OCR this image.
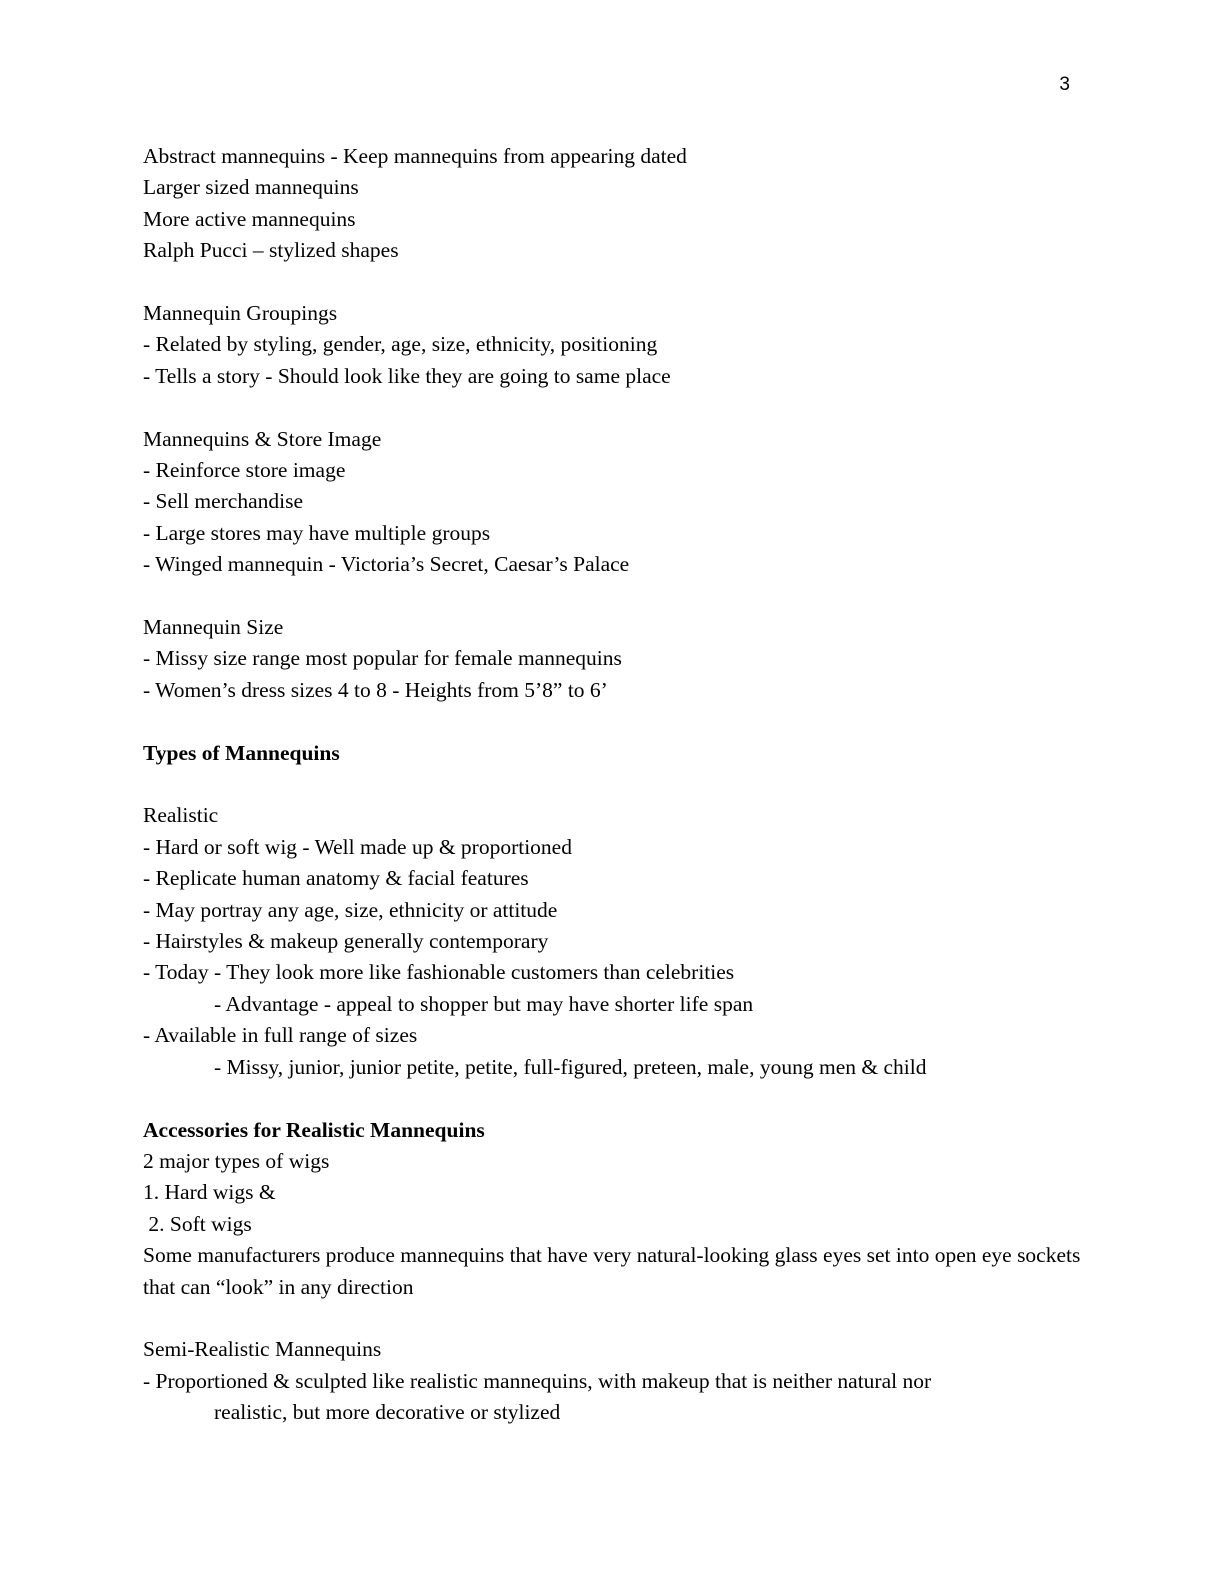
3
Abstract mannequins - Keep mannequins from appearing dated
Larger sized mannequins
More active mannequins
Ralph Pucci – stylized shapes
Mannequin Groupings
- Related by styling, gender, age, size, ethnicity, positioning
- Tells a story - Should look like they are going to same place
Mannequins & Store Image
- Reinforce store image
- Sell merchandise
- Large stores may have multiple groups
- Winged mannequin - Victoria’s Secret, Caesar’s Palace
Mannequin Size
- Missy size range most popular for female mannequins
- Women’s dress sizes 4 to 8 - Heights from 5’8” to 6’
Types of Mannequins
Realistic
- Hard or soft wig - Well made up & proportioned
- Replicate human anatomy & facial features
- May portray any age, size, ethnicity or attitude
- Hairstyles & makeup generally contemporary
- Today - They look more like fashionable customers than celebrities
- Advantage - appeal to shopper but may have shorter life span
- Available in full range of sizes
- Missy, junior, junior petite, petite, full-figured, preteen, male, young men & child
Accessories for Realistic Mannequins
2 major types of wigs
1. Hard wigs &
2. Soft wigs
Some manufacturers produce mannequins that have very natural-looking glass eyes set into open eye sockets that can “look” in any direction
Semi-Realistic Mannequins
- Proportioned & sculpted like realistic mannequins, with makeup that is neither natural nor
realistic, but more decorative or stylized
